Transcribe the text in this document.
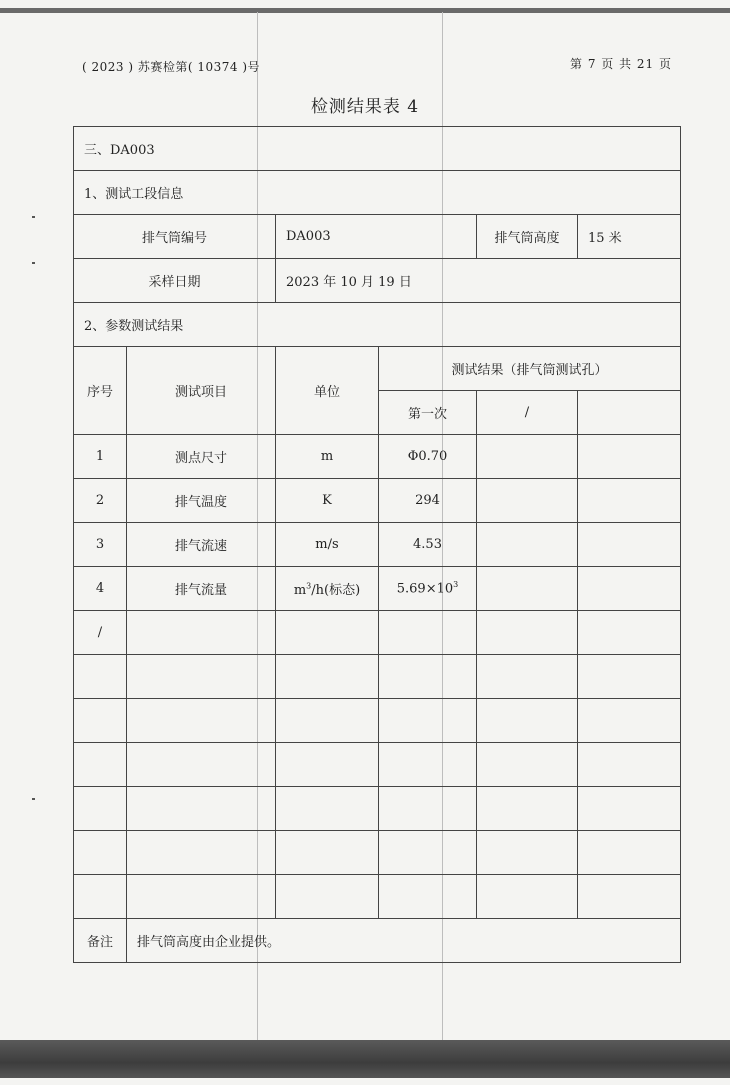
( 2023 ) 苏赛检第( 10374 )号	第 7 页 共 21 页
检测结果表 4
三、DA003					
1、测试工段信息					
排气筒编号		DA003		排气筒高度	15 米
采样日期		2023 年 10 月 19 日			
2、参数测试结果					
序号	测试项目	单位	测试结果（排气筒测试孔）		
			第一次	/	
1	测点尺寸	m	Φ0.70		
2	排气温度	K	294		
3	排气流速	m/s	4.53		
4	排气流量	$m^3/h$(标态)	$5.69\times 10^3$		
/					

备注	排气筒高度由企业提供。				
